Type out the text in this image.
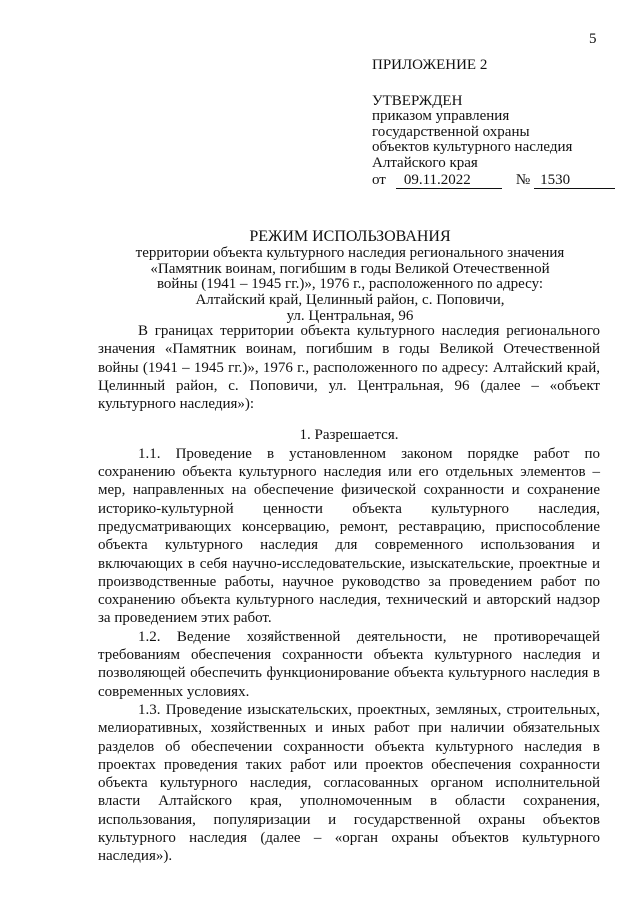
5
ПРИЛОЖЕНИЕ 2
УТВЕРЖДЕН
приказом управления
государственной охраны
объектов культурного наследия
Алтайского края
от 09.11.2022	№ 1530
РЕЖИМ ИСПОЛЬЗОВАНИЯ
территории объекта культурного наследия регионального значения
«Памятник воинам, погибшим в годы Великой Отечественной
войны (1941 – 1945 гг.)», 1976 г., расположенного по адресу:
Алтайский край, Целинный район, с. Поповичи,
ул. Центральная, 96

В границах территории объекта культурного наследия регионального значения «Памятник воинам, погибшим в годы Великой Отечественной войны (1941 – 1945 гг.)», 1976 г., расположенного по адресу: Алтайский край, Целинный район, с. Поповичи, ул. Центральная, 96 (далее – «объект культурного наследия»):

1. Разрешается.

1.1. Проведение в установленном законом порядке работ по сохранению объекта культурного наследия или его отдельных элементов – мер, направленных на обеспечение физической сохранности и сохранение историко-культурной ценности объекта культурного наследия, предусматривающих консервацию, ремонт, реставрацию, приспособление объекта культурного наследия для современного использования и включающих в себя научно-исследовательские, изыскательские, проектные и производственные работы, научное руководство за проведением работ по сохранению объекта культурного наследия, технический и авторский надзор за проведением этих работ.

1.2. Ведение хозяйственной деятельности, не противоречащей требованиям обеспечения сохранности объекта культурного наследия и позволяющей обеспечить функционирование объекта культурного наследия в современных условиях.

1.3. Проведение изыскательских, проектных, земляных, строительных, мелиоративных, хозяйственных и иных работ при наличии обязательных разделов об обеспечении сохранности объекта культурного наследия в проектах проведения таких работ или проектов обеспечения сохранности объекта культурного наследия, согласованных органом исполнительной власти Алтайского края, уполномоченным в области сохранения, использования, популяризации и государственной охраны объектов культурного наследия (далее – «орган охраны объектов культурного наследия»).
